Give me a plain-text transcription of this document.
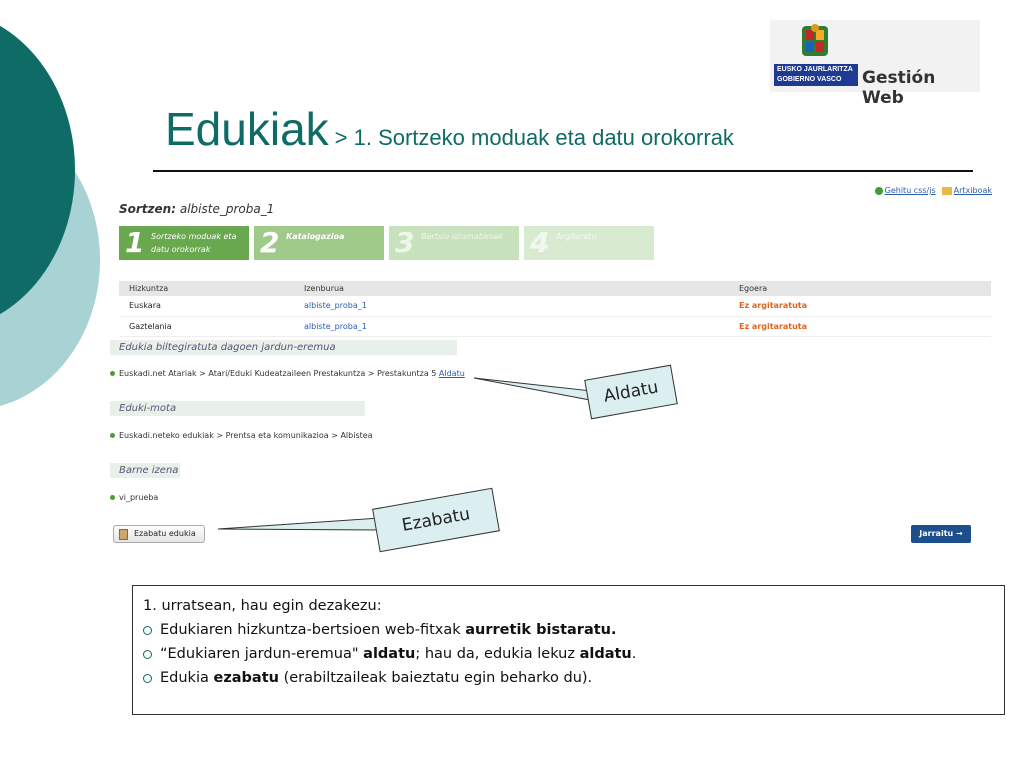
EUSKO JAURLARITZA
GOBIERNO VASCO	Gestión Web
Edukiak > 1. Sortzeko moduak eta datu orokorrak
Gehitu css/js	Artxiboak
Sortzen: albiste_proba_1
1 Sortzeko moduak eta datu orokorrak	2 Katalogazioa	3 Bertsio idiomatikoak 4 Argitaratu
Hizkuntza	Izenburua	Egoera
Euskara	albiste_proba_1	Ez argitaratuta
Gaztelania	albiste_proba_1	Ez argitaratuta
Edukia biltegiratuta dagoen jardun-eremua
Euskadi.net Atariak > Atari/Eduki Kudeatzaileen Prestakuntza > Prestakuntza 5 Aldatu
Eduki-mota
Euskadi.neteko edukiak > Prentsa eta komunikazioa > Albistea
Barne izena
vi_prueba
Ezabatu edukia	Jarraitu →
Aldatu
Ezabatu
1. urratsean, hau egin dezakezu:
Edukiaren hizkuntza-bertsioen web-fitxak aurretik bistaratu.
“Edukiaren jardun-eremua" aldatu; hau da, edukia lekuz aldatu.
Edukia ezabatu (erabiltzaileak baieztatu egin beharko du).
